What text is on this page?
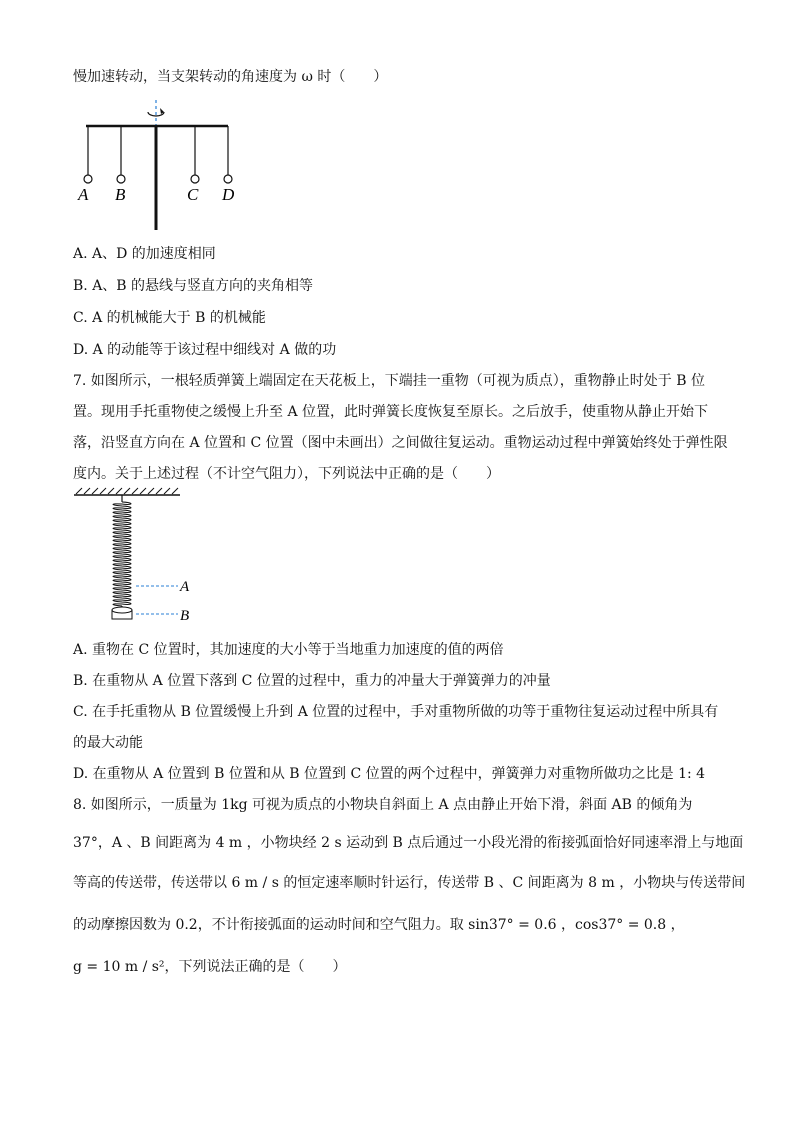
慢加速转动，当支架转动的角速度为 ω 时（　　）
A B	C D
A. A、D 的加速度相同
B. A、B 的悬线与竖直方向的夹角相等
C. A 的机械能大于 B 的机械能
D. A 的动能等于该过程中细线对 A 做的功
7. 如图所示，一根轻质弹簧上端固定在天花板上，下端挂一重物（可视为质点），重物静止时处于 B 位
置。现用手托重物使之缓慢上升至 A 位置，此时弹簧长度恢复至原长。之后放手，使重物从静止开始下
落，沿竖直方向在 A 位置和 C 位置（图中未画出）之间做往复运动。重物运动过程中弹簧始终处于弹性限
度内。关于上述过程（不计空气阻力），下列说法中正确的是（　　）
A
B
A. 重物在 C 位置时，其加速度的大小等于当地重力加速度的值的两倍
B. 在重物从 A 位置下落到 C 位置的过程中，重力的冲量大于弹簧弹力的冲量
C. 在手托重物从 B 位置缓慢上升到 A 位置的过程中，手对重物所做的功等于重物往复运动过程中所具有
的最大动能
D. 在重物从 A 位置到 B 位置和从 B 位置到 C 位置的两个过程中，弹簧弹力对重物所做功之比是 1: 4
8. 如图所示，一质量为 1kg 可视为质点的小物块自斜面上 A 点由静止开始下滑，斜面 AB 的倾角为
37°，A 、B 间距离为 4 m ，小物块经 2 s 运动到 B 点后通过一小段光滑的衔接弧面恰好同速率滑上与地面
等高的传送带，传送带以 6 m / s 的恒定速率顺时针运行，传送带 B 、C 间距离为 8 m ，小物块与传送带间
的动摩擦因数为 0.2，不计衔接弧面的运动时间和空气阻力。取 sin37° = 0.6 ，cos37° = 0.8 ，
g = 10 m / s²，下列说法正确的是（　　）
